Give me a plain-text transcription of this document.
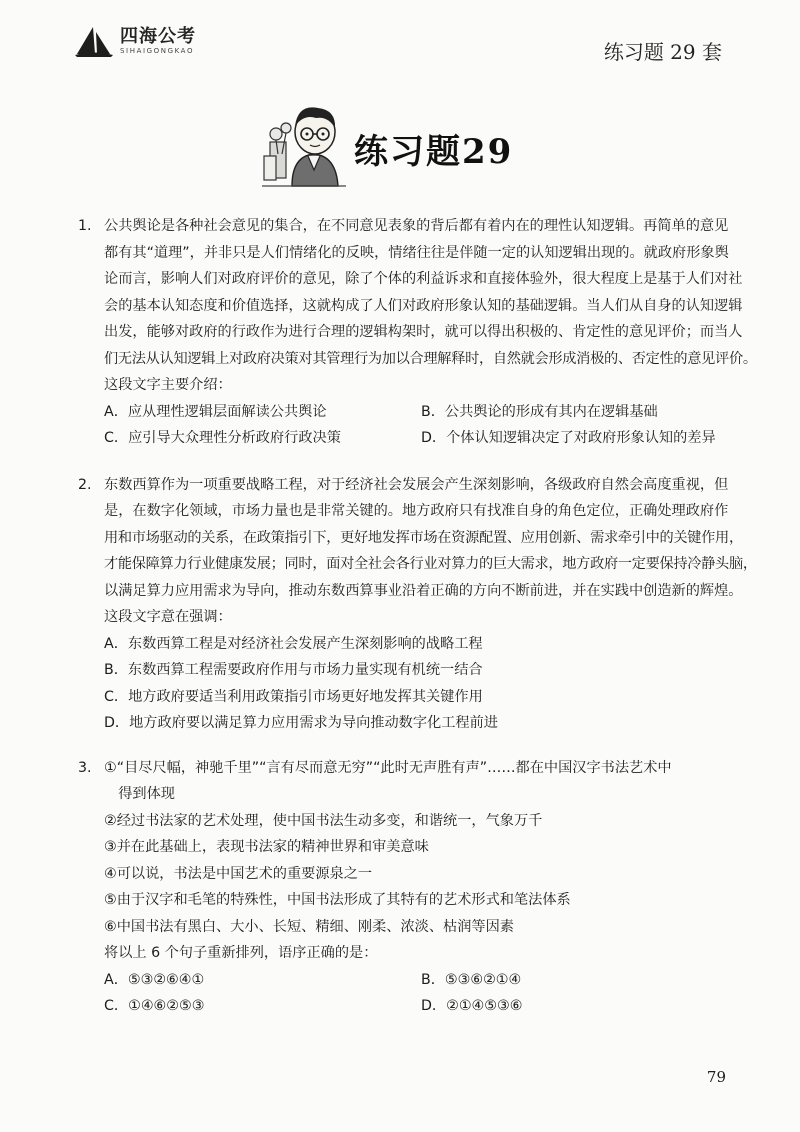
四海公考
SIHAIGONGKAO	练习题 29 套
练习题29
1. 公共舆论是各种社会意见的集合，在不同意见表象的背后都有着内在的理性认知逻辑。再简单的意见

都有其“道理”，并非只是人们情绪化的反映，情绪往往是伴随一定的认知逻辑出现的。就政府形象舆

论而言，影响人们对政府评价的意见，除了个体的利益诉求和直接体验外，很大程度上是基于人们对社

会的基本认知态度和价值选择，这就构成了人们对政府形象认知的基础逻辑。当人们从自身的认知逻辑

出发，能够对政府的行政作为进行合理的逻辑构架时，就可以得出积极的、肯定性的意见评价；而当人

们无法从认知逻辑上对政府决策对其管理行为加以合理解释时，自然就会形成消极的、否定性的意见评价。

这段文字主要介绍：

A．应从理性逻辑层面解读公共舆论	B．公共舆论的形成有其内在逻辑基础
C．应引导大众理性分析政府行政决策	D．个体认知逻辑决定了对政府形象认知的差异
2. 东数西算作为一项重要战略工程，对于经济社会发展会产生深刻影响，各级政府自然会高度重视，但

是，在数字化领域，市场力量也是非常关键的。地方政府只有找准自身的角色定位，正确处理政府作

用和市场驱动的关系，在政策指引下，更好地发挥市场在资源配置、应用创新、需求牵引中的关键作用，

才能保障算力行业健康发展；同时，面对全社会各行业对算力的巨大需求，地方政府一定要保持冷静头脑，

以满足算力应用需求为导向，推动东数西算事业沿着正确的方向不断前进，并在实践中创造新的辉煌。

这段文字意在强调：

A．东数西算工程是对经济社会发展产生深刻影响的战略工程
B．东数西算工程需要政府作用与市场力量实现有机统一结合
C．地方政府要适当利用政策指引市场更好地发挥其关键作用
D．地方政府要以满足算力应用需求为导向推动数字化工程前进
3. ①“目尽尺幅，神驰千里”“言有尽而意无穷”“此时无声胜有声”……都在中国汉字书法艺术中

　得到体现

②经过书法家的艺术处理，使中国书法生动多变，和谐统一，气象万千

③并在此基础上，表现书法家的精神世界和审美意味

④可以说，书法是中国艺术的重要源泉之一

⑤由于汉字和毛笔的特殊性，中国书法形成了其特有的艺术形式和笔法体系

⑥中国书法有黑白、大小、长短、精细、刚柔、浓淡、枯润等因素

将以上 6 个句子重新排列，语序正确的是：

A．⑤③②⑥④①	B．⑤③⑥②①④
C．①④⑥②⑤③	D．②①④⑤③⑥
79
